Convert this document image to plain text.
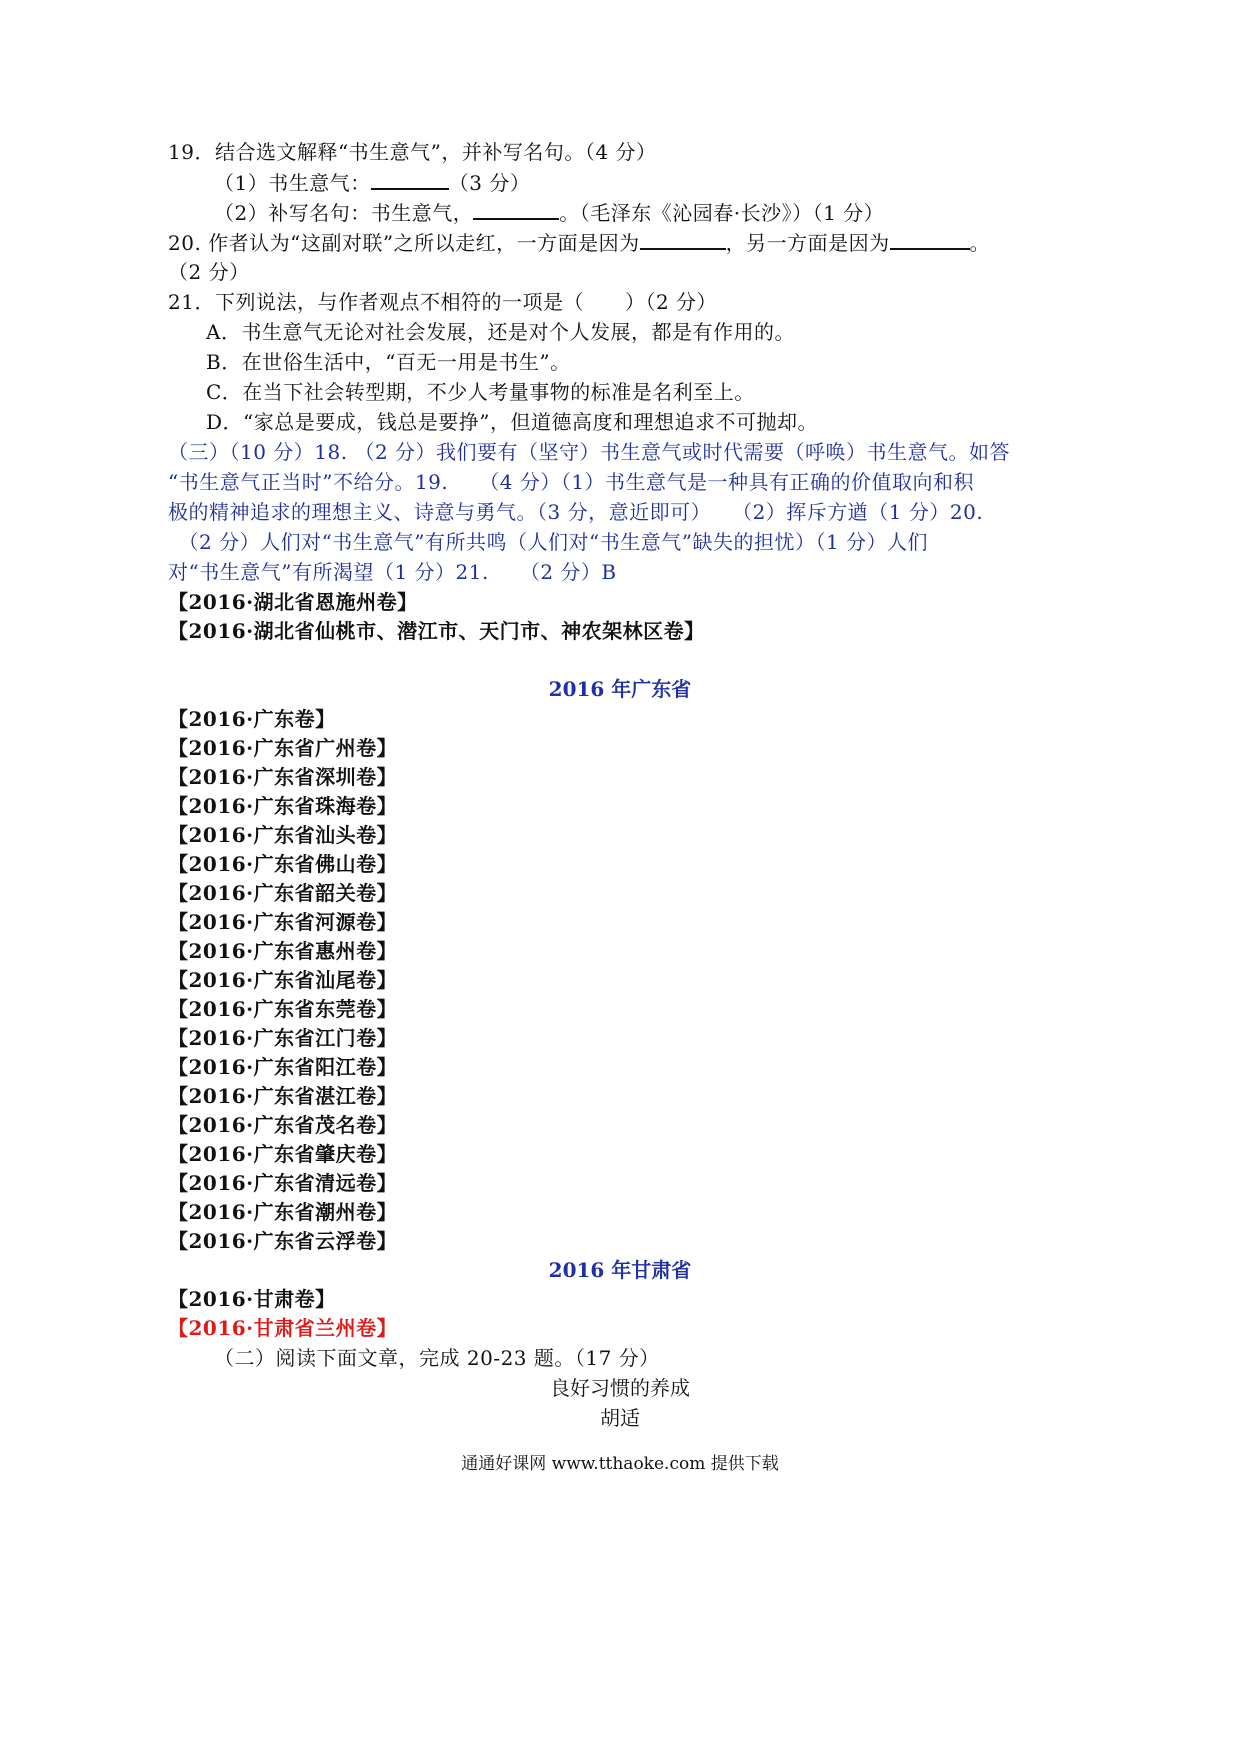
19．结合选文解释“书生意气”，并补写名句。（4 分）
（1）书生意气：	（3 分）
（2）补写名句：书生意气，	。（毛泽东《沁园春·长沙》）（1 分）
20. 作者认为“这副对联”之所以走红，一方面是因为	，另一方面是因为	。
（2 分）
21．下列说法，与作者观点不相符的一项是（　　）（2 分）
A．书生意气无论对社会发展，还是对个人发展，都是有作用的。
B．在世俗生活中，“百无一用是书生”。
C．在当下社会转型期，不少人考量事物的标准是名利至上。
D．“家总是要成，钱总是要挣”，但道德高度和理想追求不可抛却。
（三）（10 分）18. （2 分）我们要有（坚守）书生意气或时代需要（呼唤）书生意气。如答
“书生意气正当时”不给分。19.　　（4 分）（1）书生意气是一种具有正确的价值取向和积
极的精神追求的理想主义、诗意与勇气。（3 分，意近即可）　　（2）挥斥方遒（1 分）20.
　（2 分）人们对“书生意气”有所共鸣（人们对“书生意气”缺失的担忧）（1 分）人们
对“书生意气”有所渴望（1 分）21.　　（2 分）B
【2016·湖北省恩施州卷】
【2016·湖北省仙桃市、潜江市、天门市、神农架林区卷】
2016 年广东省
【2016·广东卷】
【2016·广东省广州卷】
【2016·广东省深圳卷】
【2016·广东省珠海卷】
【2016·广东省汕头卷】
【2016·广东省佛山卷】
【2016·广东省韶关卷】
【2016·广东省河源卷】
【2016·广东省惠州卷】
【2016·广东省汕尾卷】
【2016·广东省东莞卷】
【2016·广东省江门卷】
【2016·广东省阳江卷】
【2016·广东省湛江卷】
【2016·广东省茂名卷】
【2016·广东省肇庆卷】
【2016·广东省清远卷】
【2016·广东省潮州卷】
【2016·广东省云浮卷】
2016 年甘肃省
【2016·甘肃卷】
【2016·甘肃省兰州卷】
（二）阅读下面文章，完成 20-23 题。（17 分）
良好习惯的养成
胡适
通通好课网 www.tthaoke.com 提供下载
